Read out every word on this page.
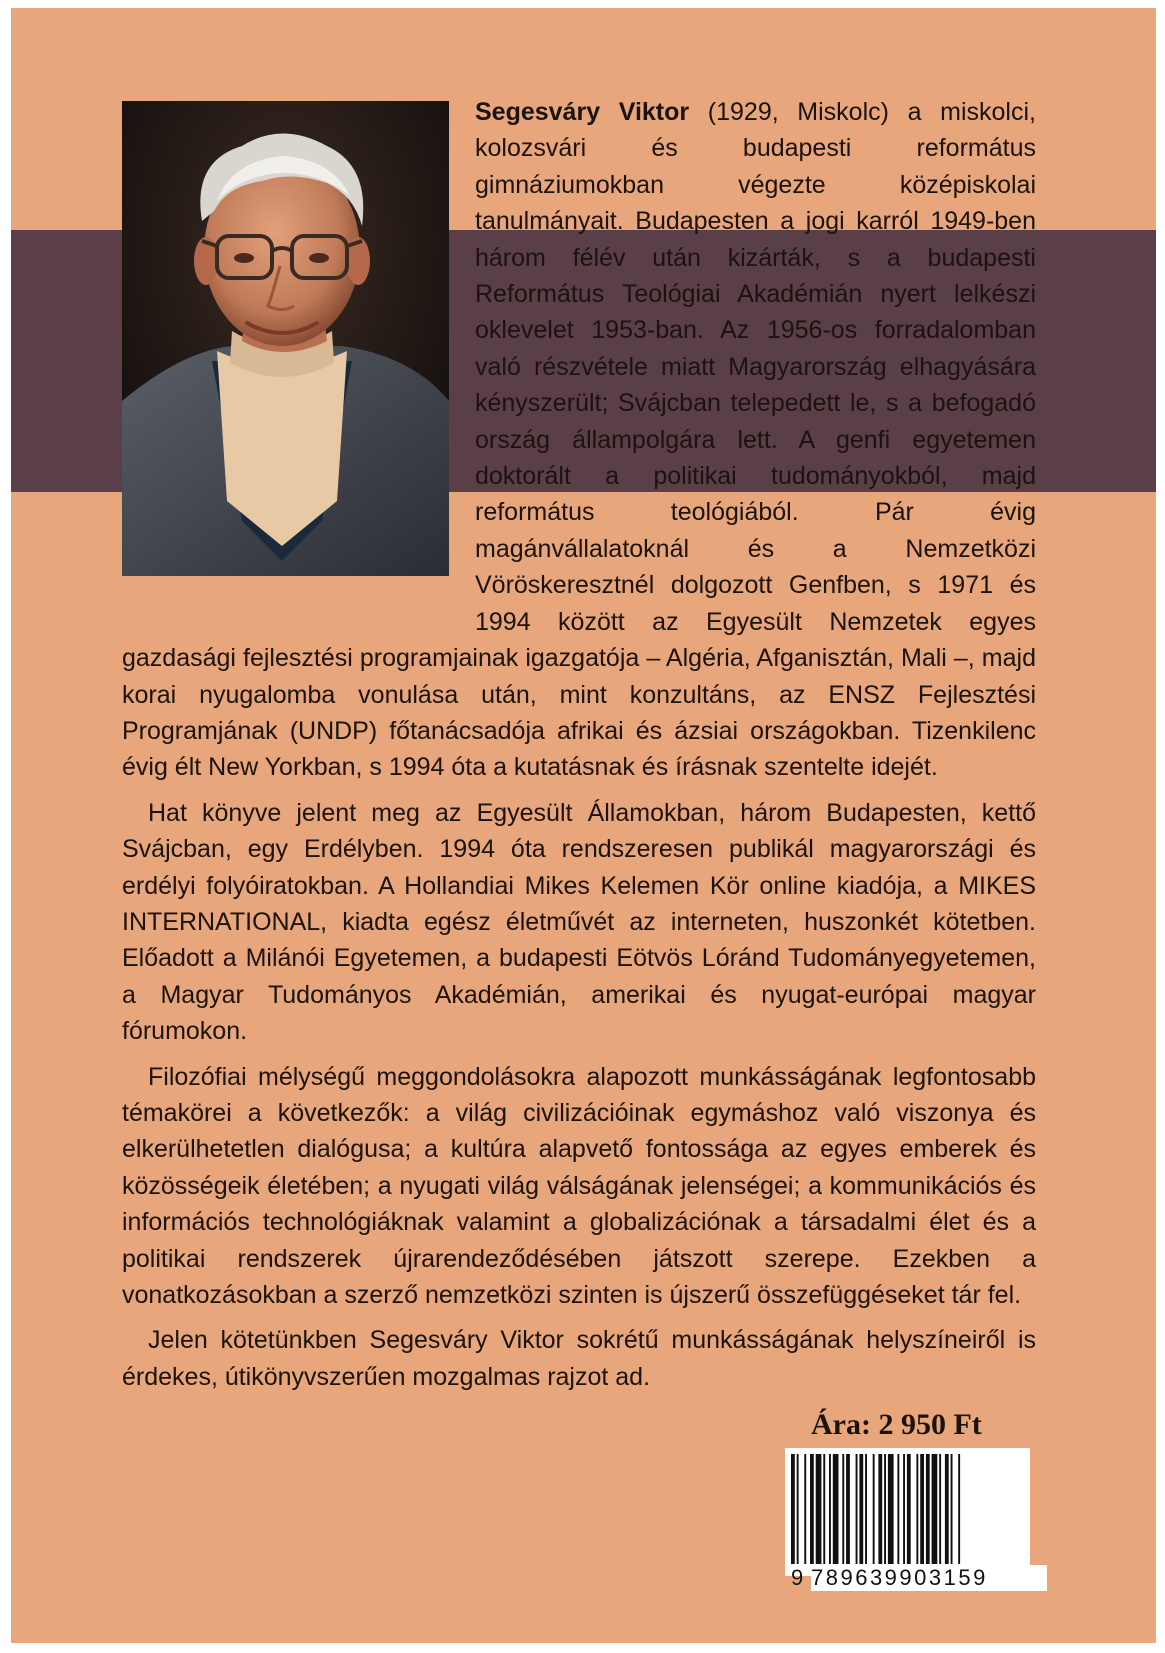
Segesváry Viktor (1929, Miskolc) a miskolci, kolozsvári és budapesti református gimnáziumokban végezte középiskolai tanulmányait. Budapesten a jogi karról 1949-ben három félév után kizárták, s a budapesti Református Teológiai Akadémián nyert lelkészi oklevelet 1953-ban. Az 1956-os forradalomban való részvétele miatt Magyarország elhagyására kényszerült; Svájcban telepedett le, s a befogadó ország állampolgára lett. A genfi egyetemen doktorált a politikai tudományokból, majd református teológiából. Pár évig magánvállalatoknál és a Nemzetközi Vöröskeresztnél dolgozott Genfben, s 1971 és 1994 között az Egyesült Nemzetek egyes gazdasági fejlesztési programjainak igazgatója – Algéria, Afganisztán, Mali –, majd korai nyugalomba vonulása után, mint konzultáns, az ENSZ Fejlesztési Programjának (UNDP) főtanácsadója afrikai és ázsiai országokban. Tizenkilenc évig élt New Yorkban, s 1994 óta a kutatásnak és írásnak szentelte idejét.

Hat könyve jelent meg az Egyesült Államokban, három Budapesten, kettő Svájcban, egy Erdélyben. 1994 óta rendszeresen publikál magyarországi és erdélyi folyóiratokban. A Hollandiai Mikes Kelemen Kör online kiadója, a MIKES INTERNATIONAL, kiadta egész életművét az interneten, huszonkét kötetben. Előadott a Milánói Egyetemen, a budapesti Eötvös Lóránd Tudományegyetemen, a Magyar Tudományos Akadémián, amerikai és nyugat-európai magyar fórumokon.

Filozófiai mélységű meggondolásokra alapozott munkásságának legfontosabb témakörei a következők: a világ civilizációinak egymáshoz való viszonya és elkerülhetetlen dialógusa; a kultúra alapvető fontossága az egyes emberek és közösségeik életében; a nyugati világ válságának jelenségei; a kommunikációs és információs technológiáknak valamint a globalizációnak a társadalmi élet és a politikai rendszerek újrarendeződésében játszott szerepe. Ezekben a vonatkozásokban a szerző nemzetközi szinten is újszerű összefüggéseket tár fel.

Jelen kötetünkben Segesváry Viktor sokrétű munkásságának helyszíneiről is érdekes, útikönyvszerűen mozgalmas rajzot ad.

Ára: 2 950 Ft
9 789639903159
